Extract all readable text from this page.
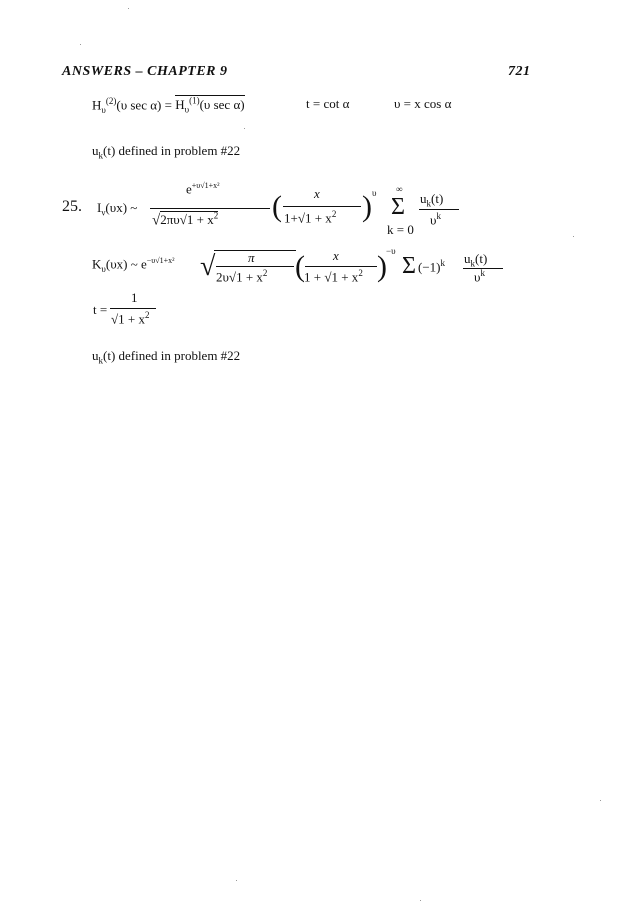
ANSWERS – CHAPTER 9	721
$H_\upsilon^{(2)}(\upsilon$ $\sec \alpha) = H_\upsilon^{(1)}(\upsilon$ sec α)	t = cot α	υ = x cos α
$u_k(t)$ defined in problem #22
25. $I_\nu(\upsilon x)$ ~
$e^{+\upsilon√1+x^2}$
$√2\pi\upsilon√1 + x^2$ ( x
$1+√1 + x^2$ ) υ ∞
Σ
k = 0
$u_k(t)$
$\upsilon^k$
$K_\upsilon(\upsilon x)$ ~ $e^{-\upsilon√1+x^2}$ √	π
$2\upsilon√1 + x^2$ ( x
$1 + √1 + x^2$ ) −υ
Σ $(-1)^k$ $u_k(t)$
$\upsilon^k$
t =
1
$√1 + x^2$
$u_k(t)$ defined in problem #22
